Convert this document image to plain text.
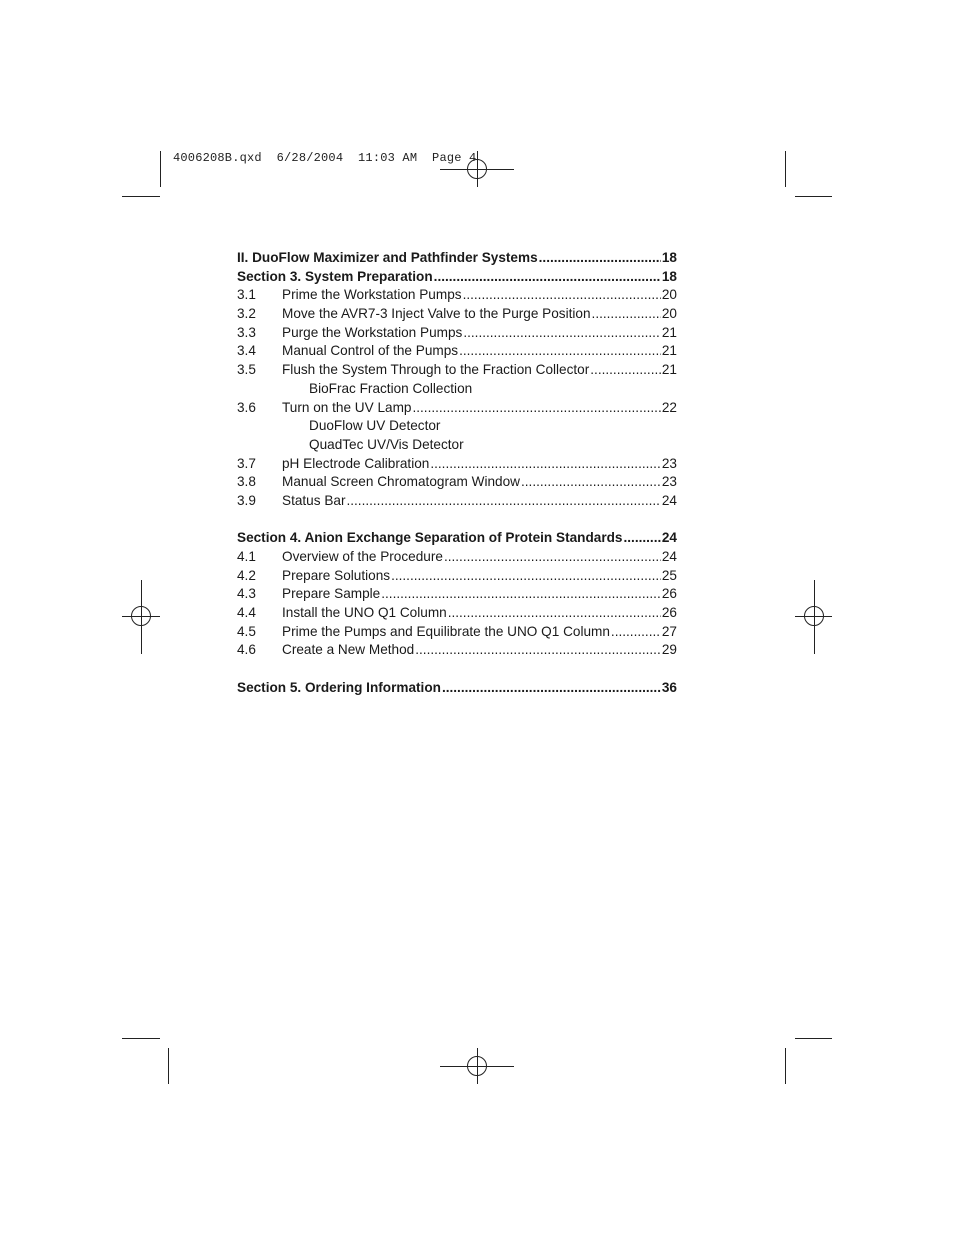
4006208B.qxd  6/28/2004  11:03 AM  Page 4
II. DuoFlow Maximizer and Pathfinder Systems .....	18
Section 3. System Preparation .....	18
3.1	Prime the Workstation Pumps .....	20
3.2	Move the AVR7-3 Inject Valve to the Purge Position .....	20
3.3	Purge the Workstation Pumps .....	21
3.4	Manual Control of the Pumps .....	21
3.5	Flush the System Through to the Fraction Collector .....	21
BioFrac Fraction Collection
3.6	Turn on the UV Lamp .....	22
DuoFlow UV Detector
QuadTec UV/Vis Detector
3.7	pH Electrode Calibration .....	23
3.8	Manual Screen Chromatogram Window .....	23
3.9	Status Bar .....	24
Section 4. Anion Exchange Separation of Protein Standards .....	24
4.1	Overview of the Procedure .....	24
4.2	Prepare Solutions .....	25
4.3	Prepare Sample .....	26
4.4	Install the UNO Q1 Column .....	26
4.5	Prime the Pumps and Equilibrate the UNO Q1 Column .....	27
4.6	Create a New Method .....	29
Section 5. Ordering Information .....	36
